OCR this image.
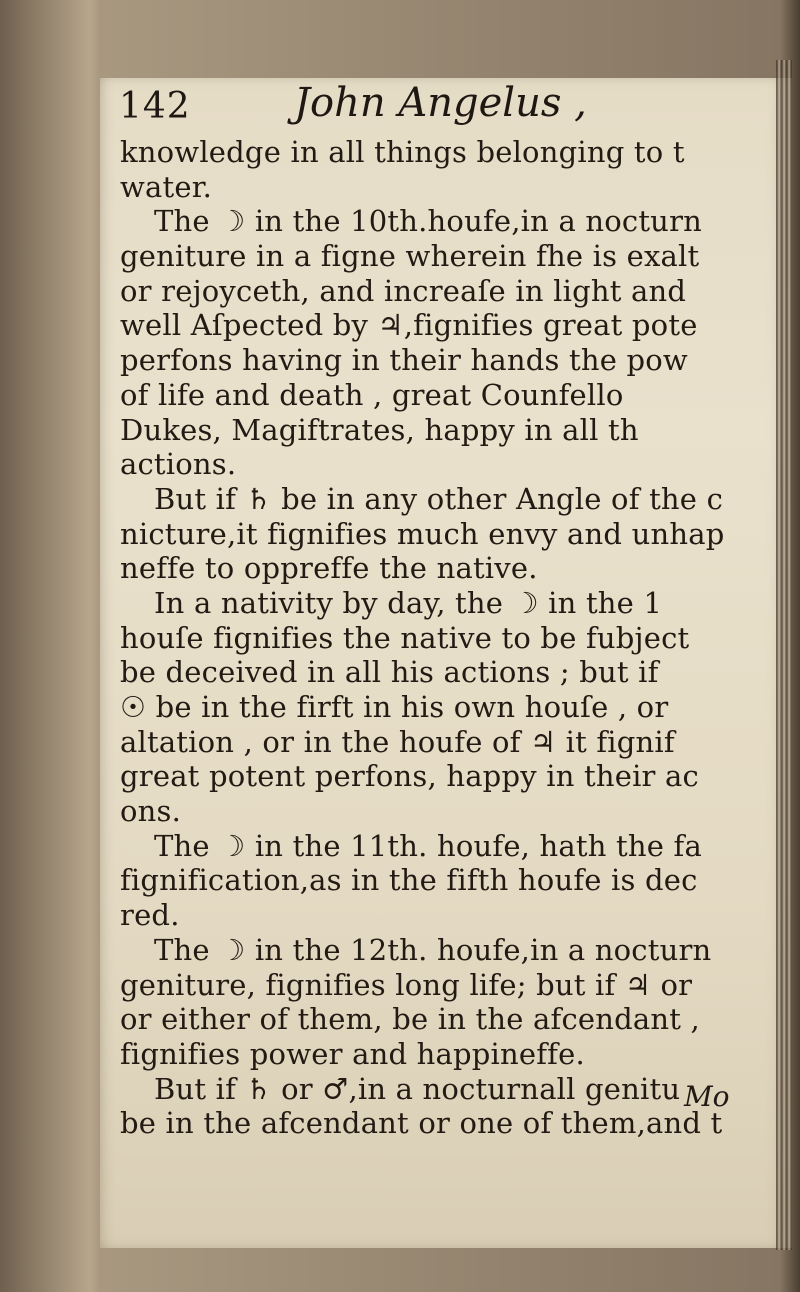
142	John Angelus ,
knowledge in all things belonging to t
water.
The ☽ in the 10th.houfe,in a nocturn
geniture in a figne wherein fhe is exalt
or rejoyceth, and increaſe in light and
well Aſpected by ♃,fignifies great pote
perfons having in their hands the pow
of life and death , great Counfello
Dukes, Magiftrates, happy in all th
actions.
But if ♄ be in any other Angle of the c
nicture,it fignifies much envy and unhap
neffe to oppreffe the native.
In a nativity by day, the ☽ in the 1
houſe fignifies the native to be fubject
be deceived in all his actions ; but if
☉ be in the firft in his own houſe , or
altation , or in the houfe of ♃ it fignif
great potent perfons, happy in their ac
ons.
The ☽ in the 11th. houfe, hath the fa
fignification,as in the fifth houfe is dec
red.
The ☽ in the 12th. houfe,in a nocturn
geniture, fignifies long life; but if ♃ or
or either of them, be in the afcendant ,
fignifies power and happineffe.
But if ♄ or ♂,in a nocturnall genitu
be in the afcendant or one of them,and t
Mo
